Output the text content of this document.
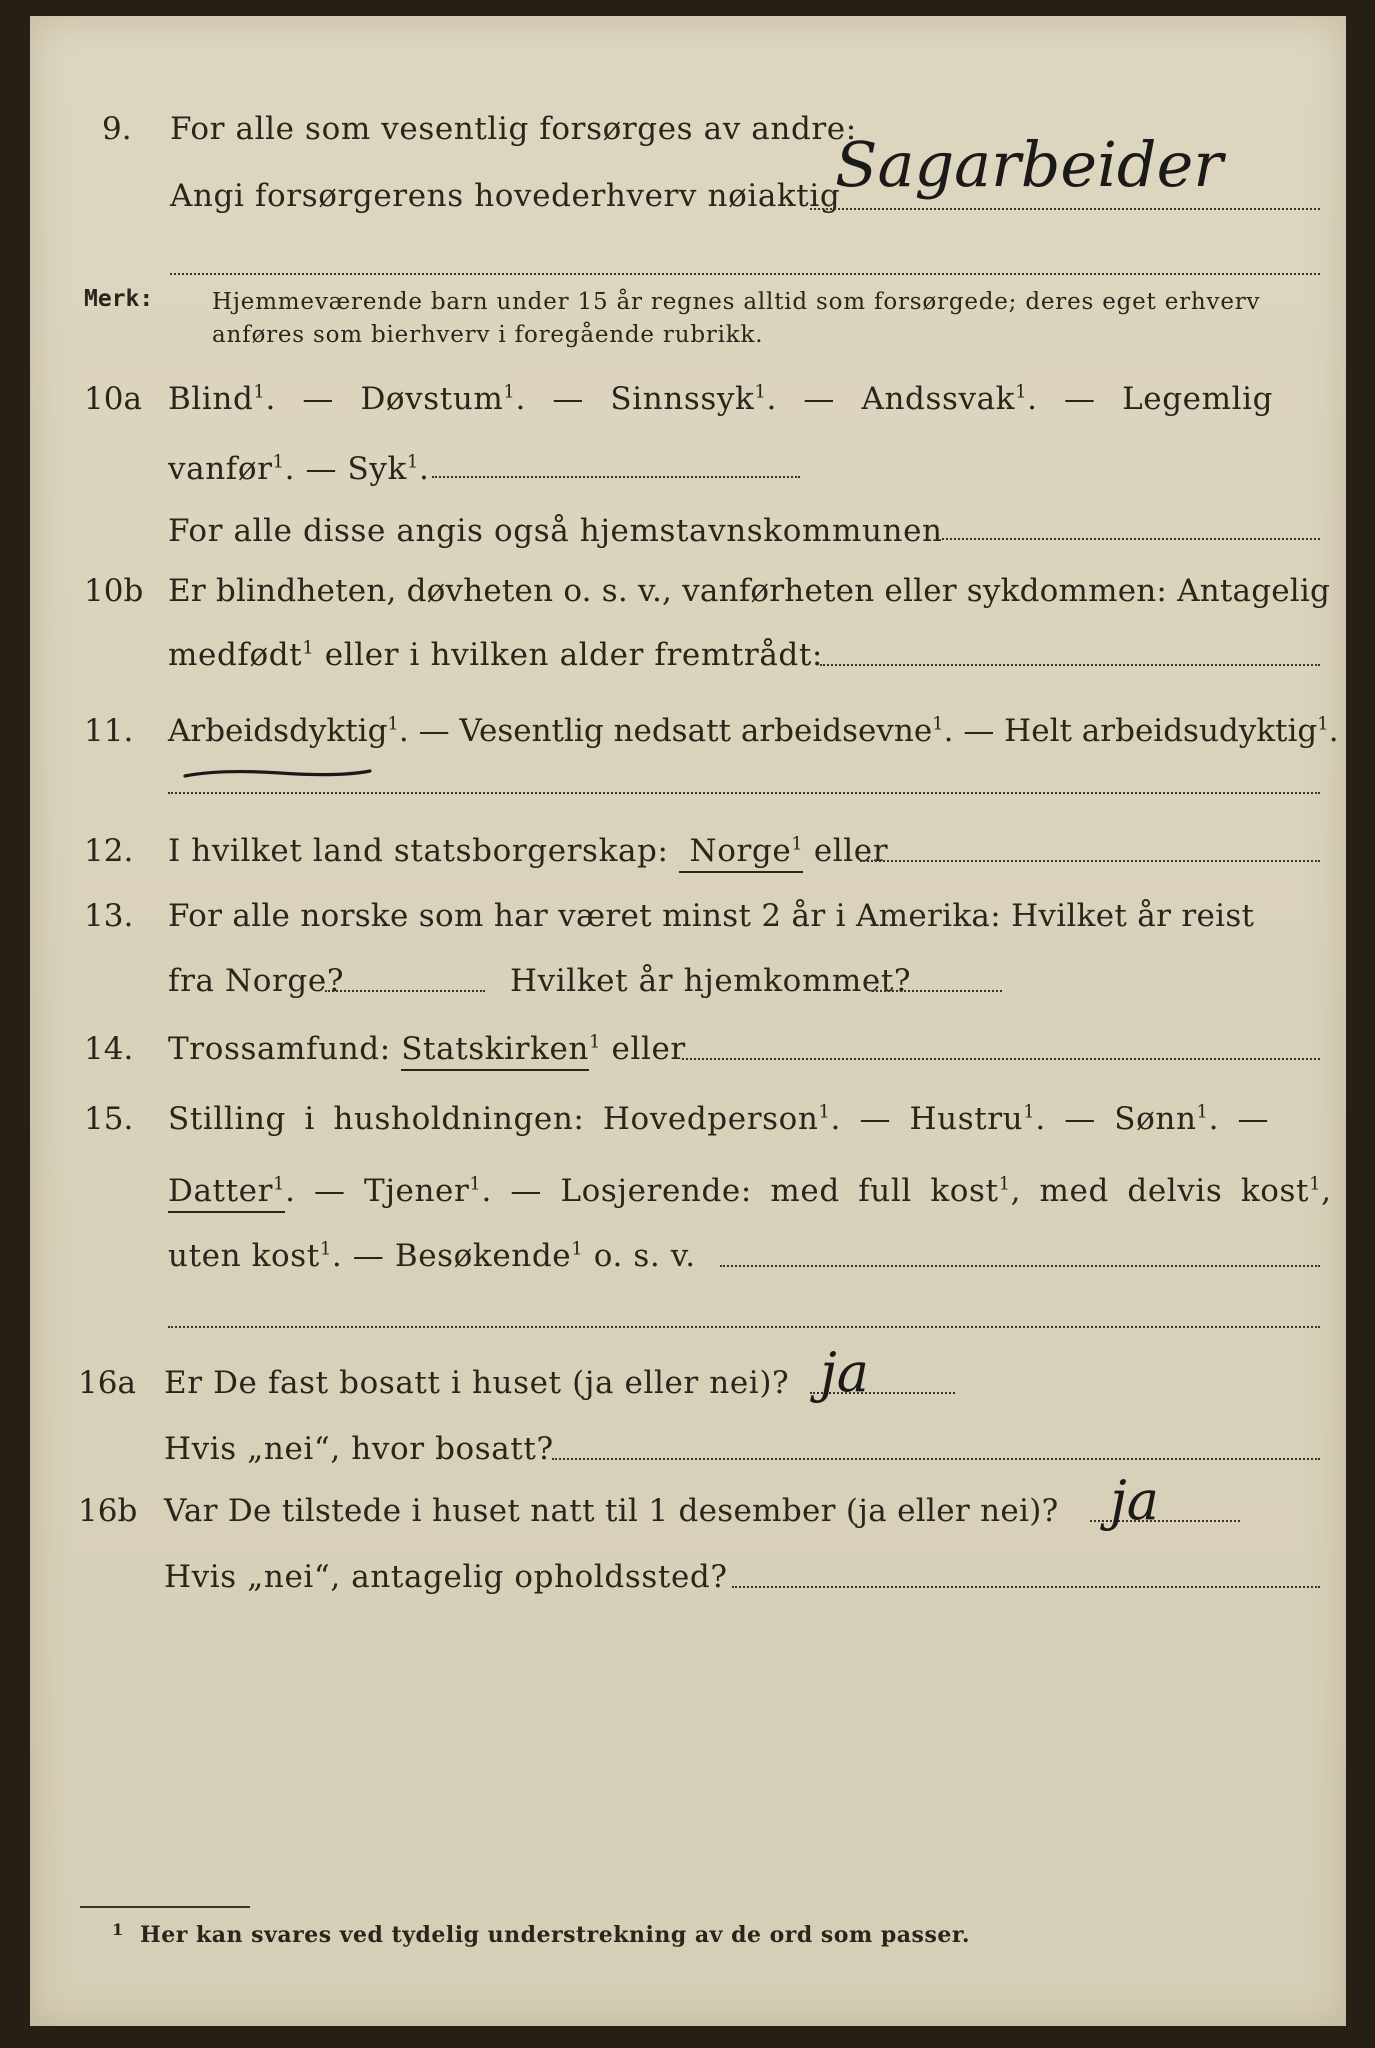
9. For alle som vesentlig forsørges av andre:
Angi forsørgerens hovederhverv nøiaktig
Sagarbeider
Merk:	Hjemmeværende barn under 15 år regnes alltid som forsørgede; deres eget erhverv
anføres som bierhverv i foregående rubrikk.
10a Blind$^1$. — Døvstum$^1$. — Sinnssyk$^1$. — Andssvak$^1$. — Legemlig
vanfør$^1$. — Syk$^1$.
For alle disse angis også hjemstavnskommunen
10b Er blindheten, døvheten o. s. v., vanførheten eller sykdommen: Antagelig
medfødt$^1$ eller i hvilken alder fremtrådt:
11. Arbeidsdyktig$^1$. — Vesentlig nedsatt arbeidsevne$^1$. — Helt arbeidsudyktig$^1$.
12. I hvilket land statsborgerskap: Norge$^1$ eller
13. For alle norske som har været minst 2 år i Amerika: Hvilket år reist
fra Norge?	Hvilket år hjemkommet?
14. Trossamfund: Statskirken$^1$ eller
15. Stilling i husholdningen: Hovedperson$^1$. — Hustru$^1$. — Sønn$^1$. —
Datter$^1$. — Tjener$^1$. — Losjerende: med full kost$^1$, med delvis kost$^1$,
uten kost$^1$. — Besøkende$^1$ o. s. v.
16a Er De fast bosatt i huset (ja eller nei)? ja
Hvis „nei“, hvor bosatt?
16b Var De tilstede i huset natt til 1 desember (ja eller nei)? ja
Hvis „nei“, antagelig opholdssted?
1 Her kan svares ved tydelig understrekning av de ord som passer.
